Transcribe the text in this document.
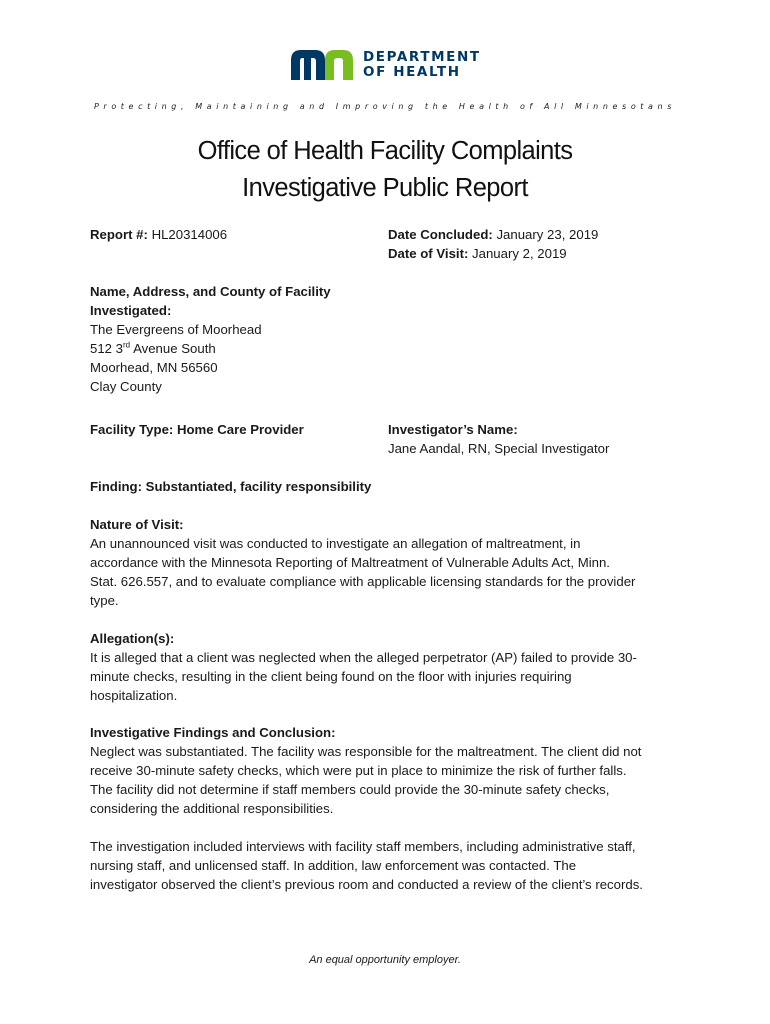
DEPARTMENT
OF HEALTH
Protecting, Maintaining and Improving the Health of All Minnesotans
Office of Health Facility Complaints
Investigative Public Report
Report #: HL20314006	Date Concluded: January 23, 2019
Date of Visit: January 2, 2019
Name, Address, and County of Facility
Investigated:
The Evergreens of Moorhead
512 3rd Avenue South
Moorhead, MN 56560
Clay County
Facility Type: Home Care Provider	Investigator’s Name:
Jane Aandal, RN, Special Investigator
Finding: Substantiated, facility responsibility
Nature of Visit:
An unannounced visit was conducted to investigate an allegation of maltreatment, in
accordance with the Minnesota Reporting of Maltreatment of Vulnerable Adults Act, Minn.
Stat. 626.557, and to evaluate compliance with applicable licensing standards for the provider
type.
Allegation(s):
It is alleged that a client was neglected when the alleged perpetrator (AP) failed to provide 30-
minute checks, resulting in the client being found on the floor with injuries requiring
hospitalization.
Investigative Findings and Conclusion:
Neglect was substantiated. The facility was responsible for the maltreatment. The client did not
receive 30-minute safety checks, which were put in place to minimize the risk of further falls.
The facility did not determine if staff members could provide the 30-minute safety checks,
considering the additional responsibilities.
The investigation included interviews with facility staff members, including administrative staff,
nursing staff, and unlicensed staff. In addition, law enforcement was contacted. The
investigator observed the client’s previous room and conducted a review of the client’s records.
An equal opportunity employer.
